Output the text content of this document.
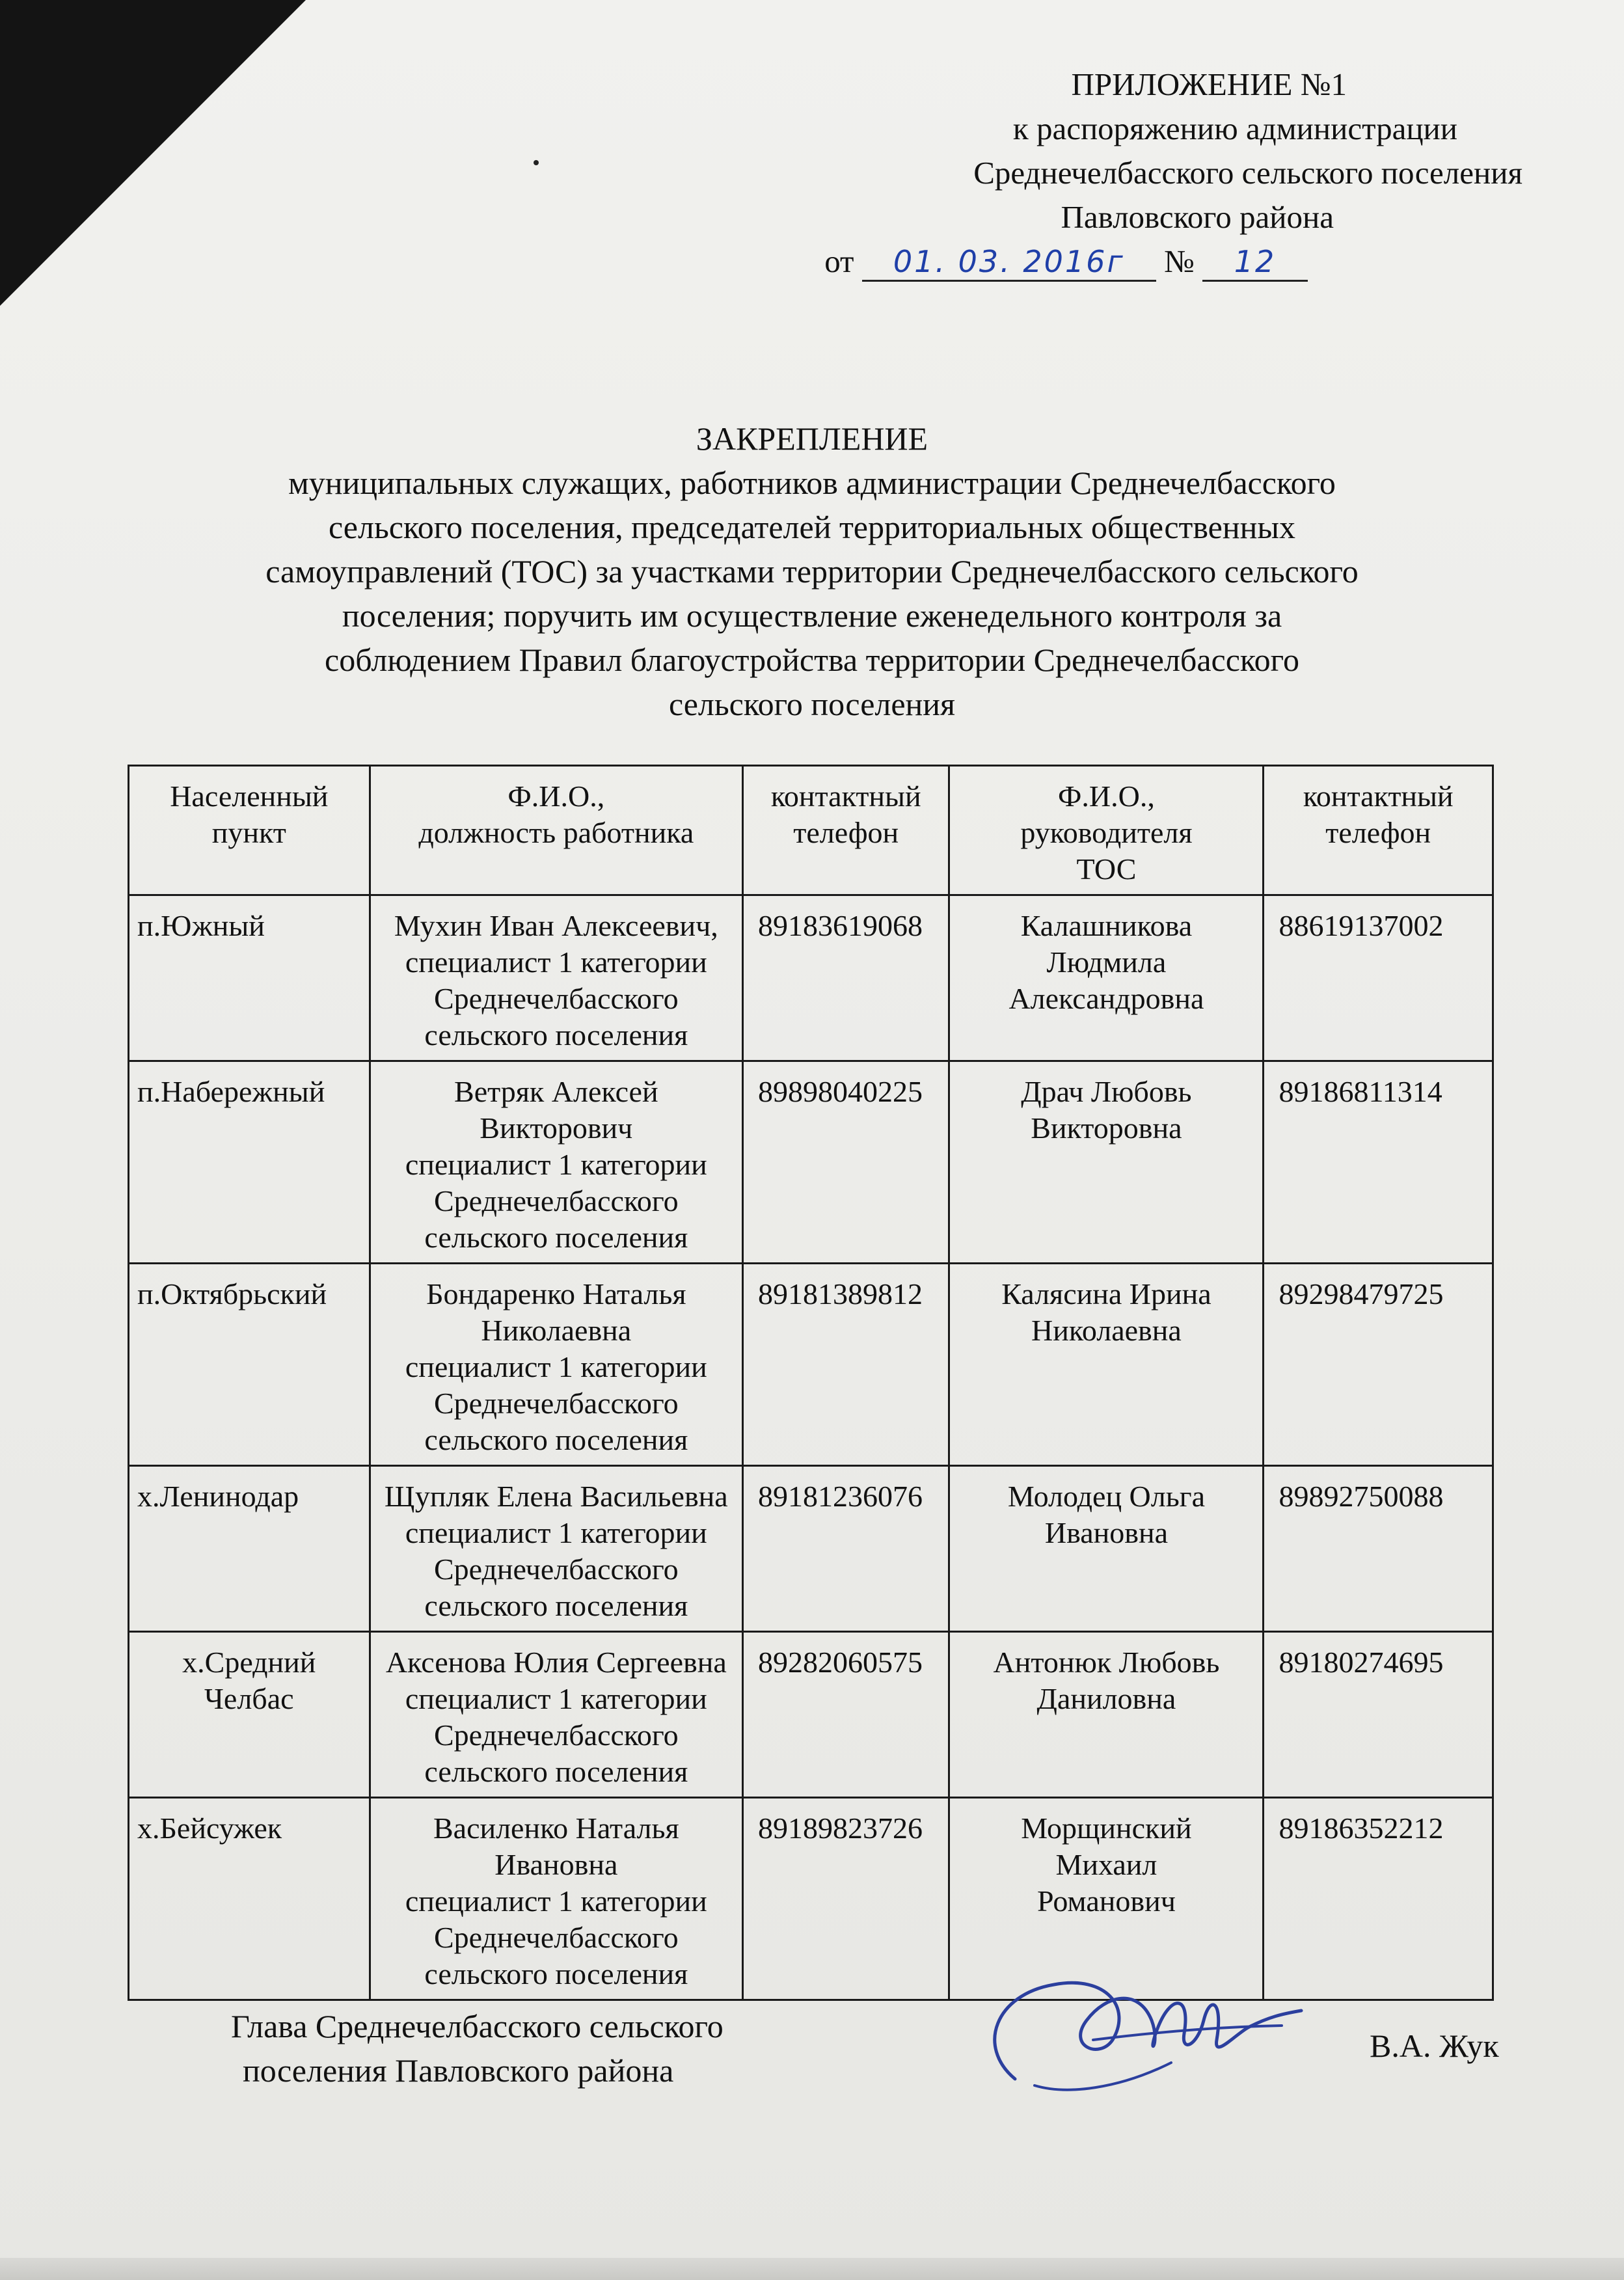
ПРИЛОЖЕНИЕ №1
к распоряжению администрации
Среднечелбасского сельского поселения
Павловского района
от 01. 03. 2016г № 12
ЗАКРЕПЛЕНИЕ
муниципальных служащих, работников администрации Среднечелбасского
сельского поселения, председателей территориальных общественных
самоуправлений (ТОС) за участками территории Среднечелбасского сельского
поселения; поручить им осуществление еженедельного контроля за
соблюдением Правил благоустройства территории Среднечелбасского
сельского поселения
Населенный
пункт	Ф.И.О.,
должность работника	контактный
телефон	Ф.И.О.,
руководителя
ТОС	контактный
телефон

п.Южный	Мухин Иван Алексеевич,
специалист 1 категории
Среднечелбасского
сельского поселения	89183619068	Калашникова
Людмила
Александровна	88619137002

п.Набережный	Ветряк Алексей
Викторович
специалист 1 категории
Среднечелбасского
сельского поселения	89898040225	Драч Любовь
Викторовна	89186811314

п.Октябрьский	Бондаренко Наталья
Николаевна
специалист 1 категории
Среднечелбасского
сельского поселения	89181389812	Калясина Ирина
Николаевна	89298479725

х.Ленинодар	Щупляк Елена Васильевна
специалист 1 категории
Среднечелбасского
сельского поселения	89181236076	Молодец Ольга
Ивановна	89892750088

х.Средний
Челбас	Аксенова Юлия Сергеевна
специалист 1 категории
Среднечелбасского
сельского поселения	89282060575	Антонюк Любовь
Даниловна	89180274695

х.Бейсужек	Василенко Наталья
Ивановна
специалист 1 категории
Среднечелбасского
сельского поселения	89189823726	Морщинский
Михаил
Романович	89186352212
Глава Среднечелбасского сельского
поселения Павловского района
В.А. Жук
